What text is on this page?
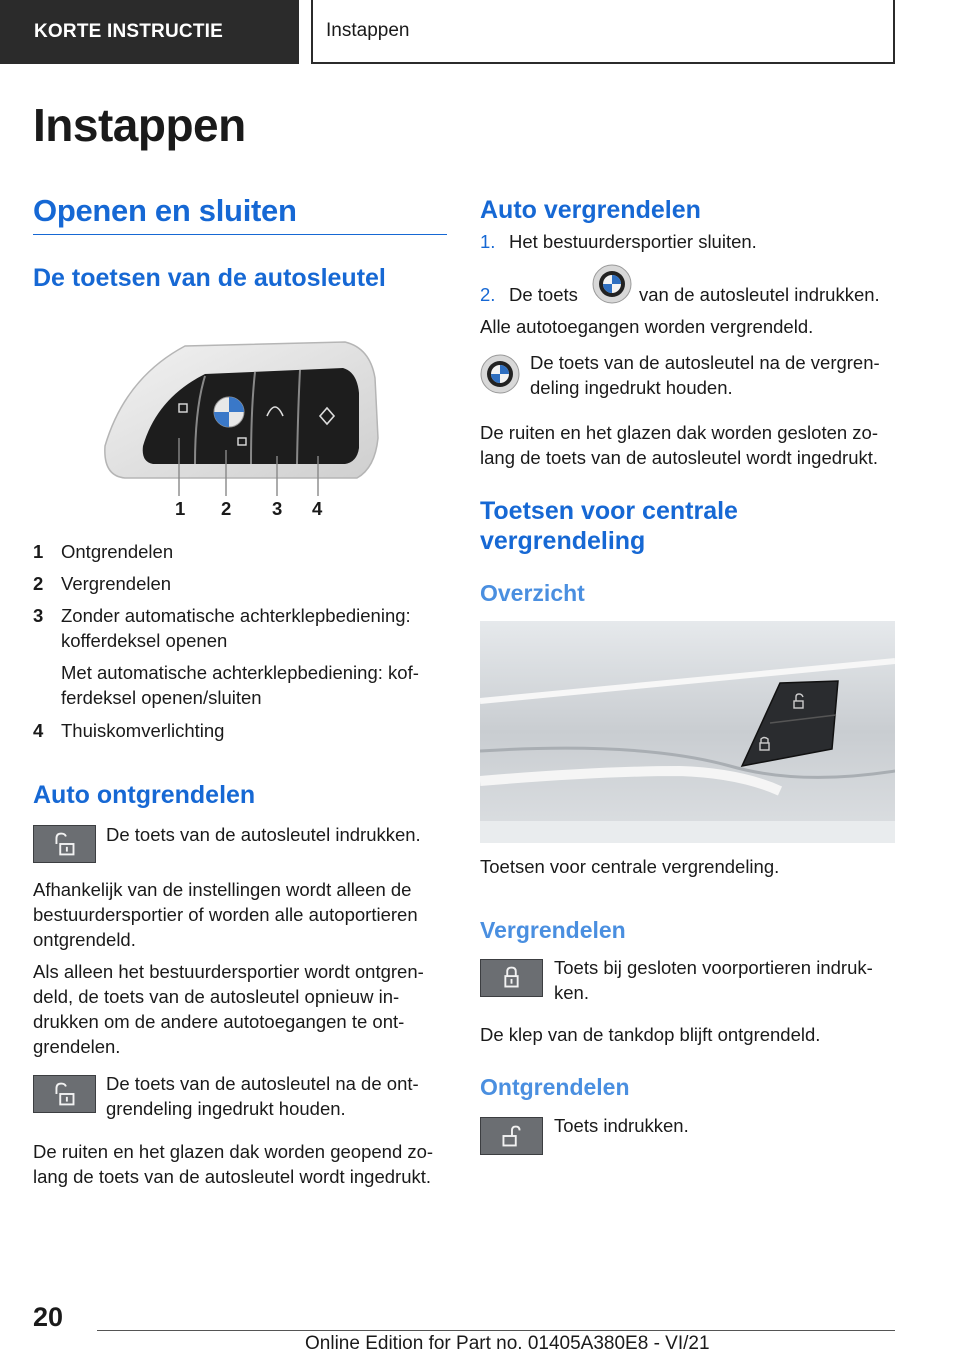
KORTE INSTRUCTIE	Instappen
Instappen
Openen en sluiten
De toetsen van de autosleutel
1 2 3 4
1 Ontgrendelen
2 Vergrendelen
3 Zonder automatische achterklepbediening:
kofferdeksel openen
Met automatische achterklepbediening: kof-
ferdeksel openen/sluiten
4 Thuiskomverlichting
Auto ontgrendelen
De toets van de autosleutel indrukken.
Afhankelijk van de instellingen wordt alleen de
bestuurdersportier of worden alle autoportieren
ontgrendeld.
Als alleen het bestuurdersportier wordt ontgren-
deld, de toets van de autosleutel opnieuw in-
drukken om de andere autotoegangen te ont-
grendelen.
De toets van de autosleutel na de ont-
grendeling ingedrukt houden.
De ruiten en het glazen dak worden geopend zo-
lang de toets van de autosleutel wordt ingedrukt.
Auto vergrendelen
1. Het bestuurdersportier sluiten.
2. De toets	van de autosleutel indrukken.
Alle autotoegangen worden vergrendeld.
De toets van de autosleutel na de vergren-
deling ingedrukt houden.
De ruiten en het glazen dak worden gesloten zo-
lang de toets van de autosleutel wordt ingedrukt.
Toetsen voor centrale
vergrendeling
Overzicht
Toetsen voor centrale vergrendeling.
Vergrendelen
Toets bij gesloten voorportieren indruk-
ken.
De klep van de tankdop blijft ontgrendeld.
Ontgrendelen
Toets indrukken.
20
Online Edition for Part no. 01405A380E8 - VI/21
